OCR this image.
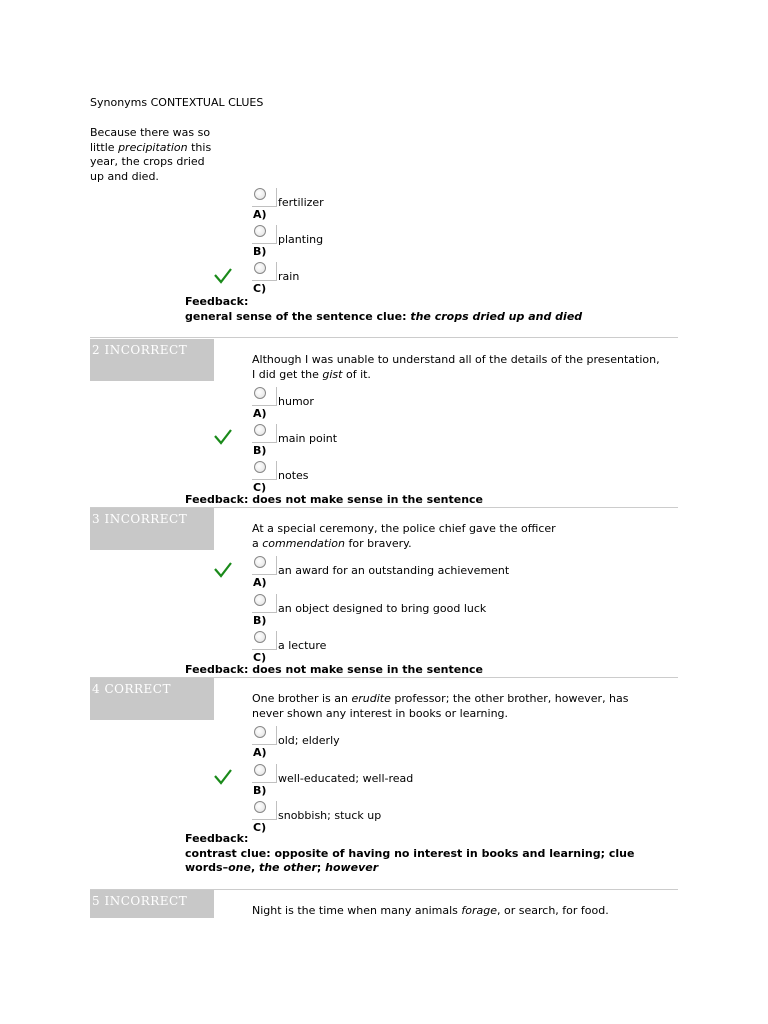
Synonyms CONTEXTUAL CLUES
Because there was so
little precipitation this
year, the crops dried
up and died.
A)
fertilizer
B)
planting
C)
rain
Feedback:
general sense of the sentence clue: the crops dried up and died
2 INCORRECT
Although I was unable to understand all of the details of the presentation,
I did get the gist of it.
A)
humor
B)
main point
C)
notes
Feedback: does not make sense in the sentence
3 INCORRECT
At a special ceremony, the police chief gave the officer
a commendation for bravery.
A)
an award for an outstanding achievement
B)
an object designed to bring good luck
C)
a lecture
Feedback: does not make sense in the sentence
4 CORRECT
One brother is an erudite professor; the other brother, however, has
never shown any interest in books or learning.
A)
old; elderly
B)
well-educated; well-read
C)
snobbish; stuck up
Feedback:
contrast clue: opposite of having no interest in books and learning; clue
words–one, the other; however
5 INCORRECT
Night is the time when many animals forage, or search, for food.
